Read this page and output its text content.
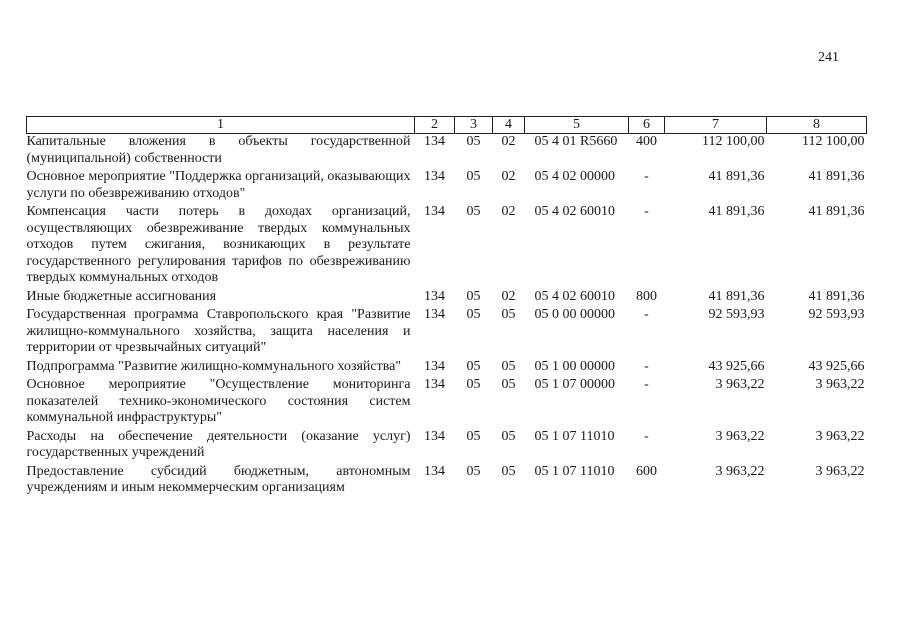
241
1	2	3	4	5	6	7	8
Капитальные вложения в объекты государственной (муниципальной) собственности	134	05	02	05 4 01 R5660	400	112 100,00	112 100,00
Основное мероприятие "Поддержка организаций, оказывающих услуги по обезвреживанию отходов"	134	05	02	05 4 02 00000	-	41 891,36	41 891,36
Компенсация части потерь в доходах организаций, осуществляющих обезвреживание твердых коммунальных отходов путем сжигания, возникающих в результате государственного регулирования тарифов по обезвреживанию твердых коммунальных отходов	134	05	02	05 4 02 60010	-	41 891,36	41 891,36
Иные бюджетные ассигнования	134	05	02	05 4 02 60010	800	41 891,36	41 891,36
Государственная программа Ставропольского края "Развитие жилищно-коммунального хозяйства, защита населения и территории от чрезвычайных ситуаций"	134	05	05	05 0 00 00000	-	92 593,93	92 593,93
Подпрограмма "Развитие жилищно-коммунального хозяйства"	134	05	05	05 1 00 00000	-	43 925,66	43 925,66
Основное мероприятие "Осуществление мониторинга показателей технико-экономического состояния систем коммунальной инфраструктуры"	134	05	05	05 1 07 00000	-	3 963,22	3 963,22
Расходы на обеспечение деятельности (оказание услуг) государственных учреждений	134	05	05	05 1 07 11010	-	3 963,22	3 963,22
Предоставление субсидий бюджетным, автономным учреждениям и иным некоммерческим организациям	134	05	05	05 1 07 11010	600	3 963,22	3 963,22
